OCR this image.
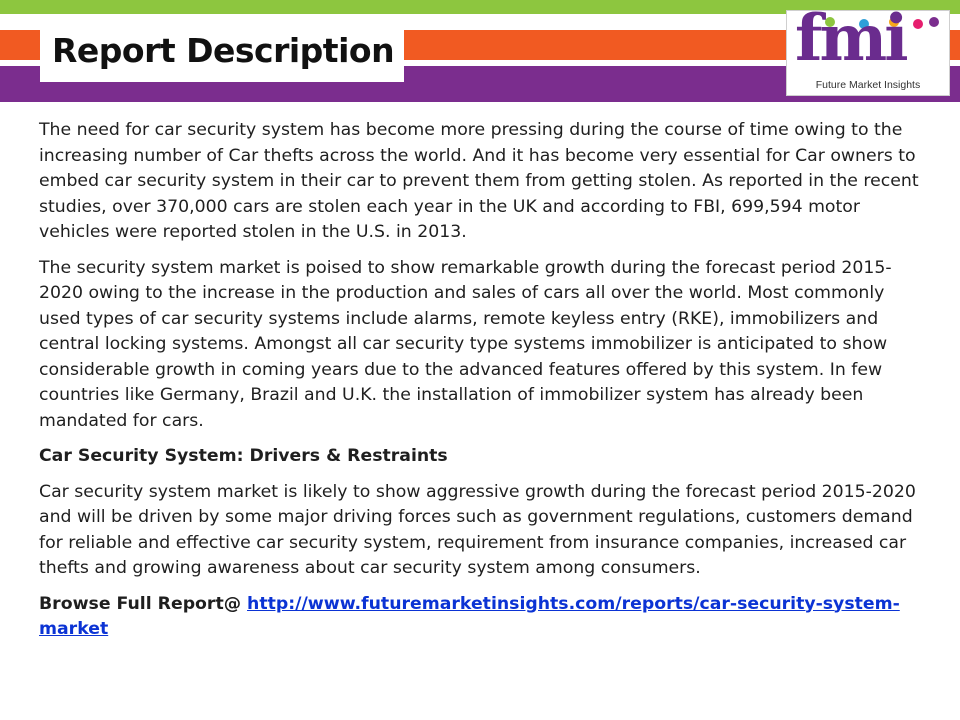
Report Description	fmi
Future Market Insights

The need for car security system has become more pressing during the course of time owing to the increasing number of Car thefts across the world. And it has become very essential for Car owners to embed car security system in their car to prevent them from getting stolen. As reported in the recent studies, over 370,000 cars are stolen each year in the UK and according to FBI, 699,594 motor vehicles were reported stolen in the U.S. in 2013.

The security system market is poised to show remarkable growth during the forecast period 2015-2020 owing to the increase in the production and sales of cars all over the world. Most commonly used types of car security systems include alarms, remote keyless entry (RKE), immobilizers and central locking systems. Amongst all car security type systems immobilizer is anticipated to show considerable growth in coming years due to the advanced features offered by this system. In few countries like Germany, Brazil and U.K. the installation of immobilizer system has already been mandated for cars.

Car Security System: Drivers & Restraints

Car security system market is likely to show aggressive growth during the forecast period 2015-2020 and will be driven by some major driving forces such as government regulations, customers demand for reliable and effective car security system, requirement from insurance companies, increased car thefts and growing awareness about car security system among consumers.

Browse Full Report@ http://www.futuremarketinsights.com/reports/car-security-system-market
